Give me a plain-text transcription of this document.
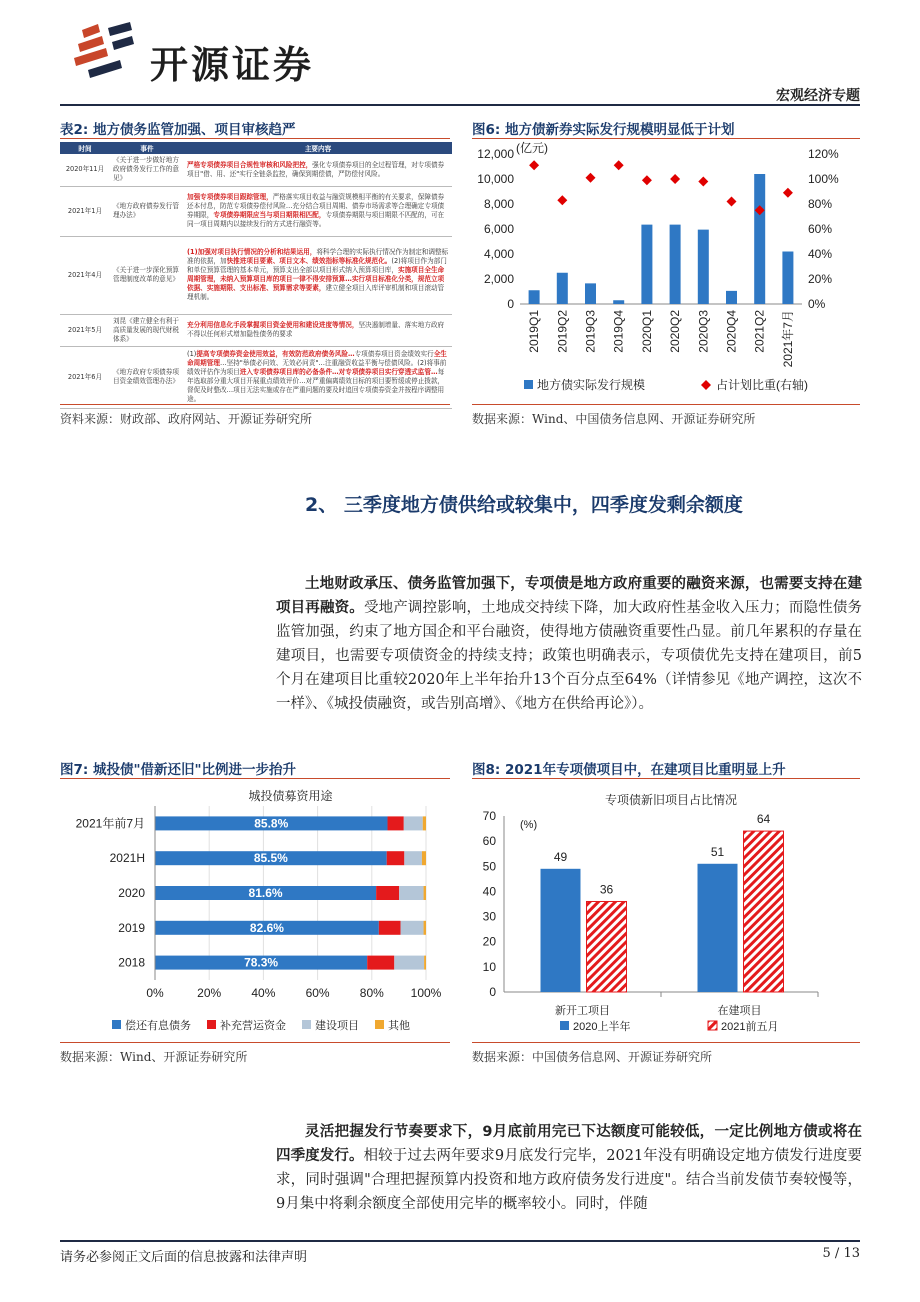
开源证券
宏观经济专题
表2: 地方债务监管加强、项目审核趋严
时间	事件	主要内容
2020年11月	《关于进一步做好地方政府债务发行工作的意见》	严格专项债券项目合规性审核和风险把控，强化专项债券项目的全过程管理，对专项债券项目"借、用、还"实行全链条监控，确保到期偿债，严防偿付风险。
2021年1月	《地方政府债券发行管理办法》	加强专项债券项目跟踪管理，严格落实项目收益与融资规模相平衡的有关要求，保障债券还本付息，防范专项债券偿付风险…充分结合项目周期、债券市场需求等合理确定专项债券期限，专项债券期限应当与项目期限相匹配，专项债券期限与项目期限不匹配的，可在同一项目周期内以接续发行的方式进行融资等。
2021年4月	《关于进一步深化预算管理制度改革的意见》	(1)加强对项目执行情况的分析和结果运用，将科学合理的实际执行情况作为制定和调整标准的依据，加快推进项目要素、项目文本、绩效指标等标准化规范化。(2)将项目作为部门和单位预算管理的基本单元，预算支出全部以项目形式纳入预算项目库，实施项目全生命周期管理，未纳入预算项目库的项目一律不得安排预算…实行项目标准化分类，规范立项依据、实施期限、支出标准、预算需求等要素，建立健全项目入库评审机制和项目滚动管理机制。
2021年5月	刘昆《建立健全有利于高质量发展的现代财税体系》	充分利用信息化手段掌握项目资金使用和建设进度等情况，坚决遏制增量、落实地方政府不得以任何形式增加隐性债务的要求
2021年6月	《地方政府专项债券项目资金绩效管理办法》	(1)提高专项债券资金使用效益，有效防范政府债务风险…专项债券项目资金绩效实行全生命周期管理…坚持"举债必问效、无效必问责"…注重融资收益平衡与偿债风险。(2)将事前绩效评估作为项目进入专项债券项目库的必备条件…对专项债券项目实行穿透式监管…每年选取部分重大项目开展重点绩效评价…对严重偏离绩效目标的项目要暂缓或停止拨款，督促及时整改…项目无法实施或存在严重问题的要及时追回专项债券资金并按程序调整用途。
资料来源：财政部、政府网站、开源证券研究所
图6: 地方债新券实际发行规模明显低于计划
(亿元)
0
2,000
4,000
6,000
8,000
10,000
12,000
0%
20%
40%
60%
80%
100%
120%
2019Q1 2019Q2 2019Q3 2019Q4 2020Q1 2020Q2 2020Q3 2020Q4 2021Q2 2021年7月
地方债实际发行规模	占计划比重(右轴)
数据来源：Wind、中国债务信息网、开源证券研究所
2、 三季度地方债供给或较集中，四季度发剩余额度
土地财政承压、债务监管加强下，专项债是地方政府重要的融资来源，也需要支持在建项目再融资。受地产调控影响，土地成交持续下降，加大政府性基金收入压力；而隐性债务监管加强，约束了地方国企和平台融资，使得地方债融资重要性凸显。前几年累积的存量在建项目，也需要专项债资金的持续支持；政策也明确表示，专项债优先支持在建项目，前5个月在建项目比重较2020年上半年抬升13个百分点至64%（详情参见《地产调控，这次不一样》、《城投债融资，或告别高增》、《地方在供给再论》）。
图7: 城投债"借新还旧"比例进一步抬升
城投债募资用途
0%	20%	40%	60%	80% 100%
2021年前7月	85.8%
2021H	85.5%
2020	81.6%
2019	82.6%
2018	78.3%
偿还有息债务	补充营运资金	建设项目	其他
数据来源：Wind、开源证券研究所
图8: 2021年专项债项目中，在建项目比重明显上升
专项债新旧项目占比情况
(%)
0
10
20
30
40
50
60
70
49
36
新开工项目
51
64
在建项目
2020上半年	2021前五月
数据来源：中国债务信息网、开源证券研究所
灵活把握发行节奏要求下，9月底前用完已下达额度可能较低，一定比例地方债或将在四季度发行。相较于过去两年要求9月底发行完毕，2021年没有明确设定地方债发行进度要求，同时强调"合理把握预算内投资和地方政府债务发行进度"。结合当前发债节奏较慢等，9月集中将剩余额度全部使用完毕的概率较小。同时，伴随
请务必参阅正文后面的信息披露和法律声明	5 / 13
